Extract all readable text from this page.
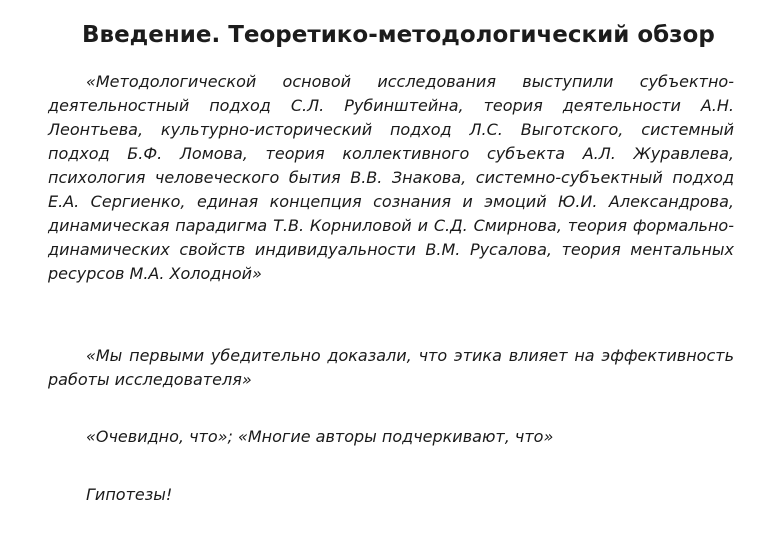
Введение. Теоретико-методологический обзор

«Методологической основой исследования выступили субъектно-деятельностный подход С.Л. Рубинштейна, теория деятельности А.Н. Леонтьева, культурно-исторический подход Л.С. Выготского, системный подход Б.Ф. Ломова, теория коллективного субъекта А.Л. Журавлева, психология человеческого бытия В.В. Знакова, системно-субъектный подход Е.А. Сергиенко, единая концепция сознания и эмоций Ю.И. Александрова, динамическая парадигма Т.В. Корниловой и С.Д. Смирнова, теория формально-динамических свойств индивидуальности В.М. Русалова, теория ментальных ресурсов М.А. Холодной»

«Мы первыми убедительно доказали, что этика влияет на эффективность работы исследователя»

«Очевидно, что»; «Многие авторы подчеркивают, что»

Гипотезы!
